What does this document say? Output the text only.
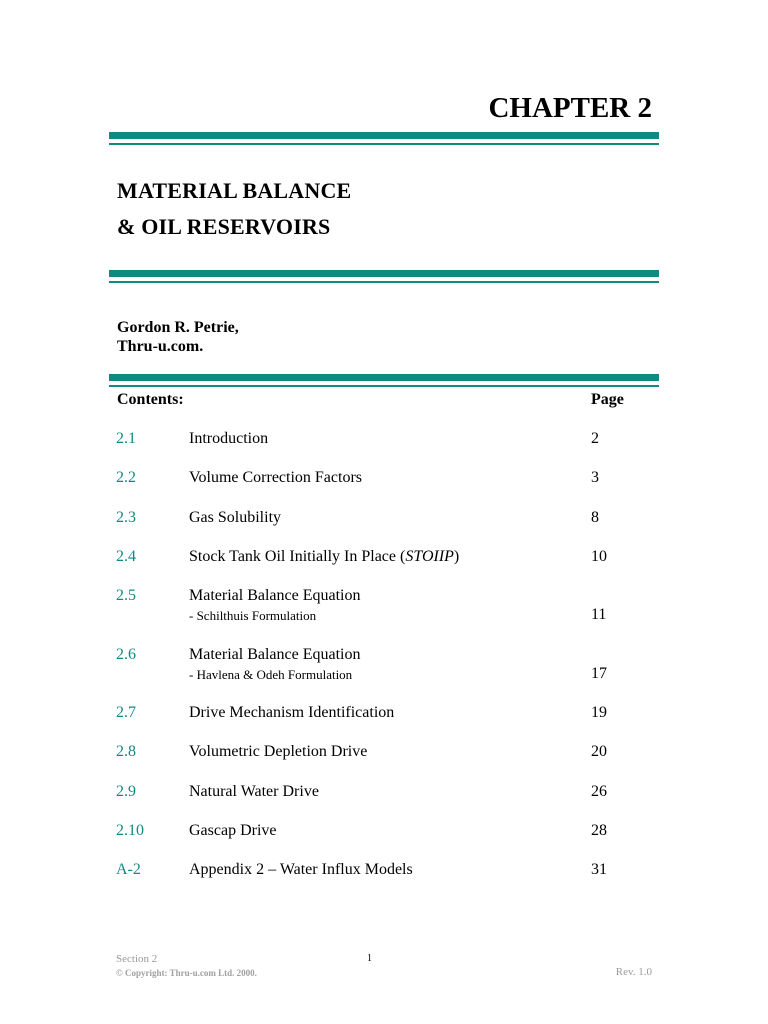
CHAPTER 2
MATERIAL BALANCE
& OIL RESERVOIRS
Gordon R. Petrie,
Thru-u.com.
Contents:	Page
2.1	Introduction	2
2.2	Volume Correction Factors	3
2.3	Gas Solubility	8
2.4	Stock Tank Oil Initially In Place (STOIIP)	10
2.5	Material Balance Equation
- Schilthuis Formulation	11
2.6	Material Balance Equation
- Havlena & Odeh Formulation	17
2.7	Drive Mechanism Identification	19
2.8	Volumetric Depletion Drive	20
2.9	Natural Water Drive	26
2.10	Gascap Drive	28
A-2	Appendix 2 – Water Influx Models	31
Section 2	1
© Copyright: Thru-u.com Ltd. 2000.	Rev. 1.0
